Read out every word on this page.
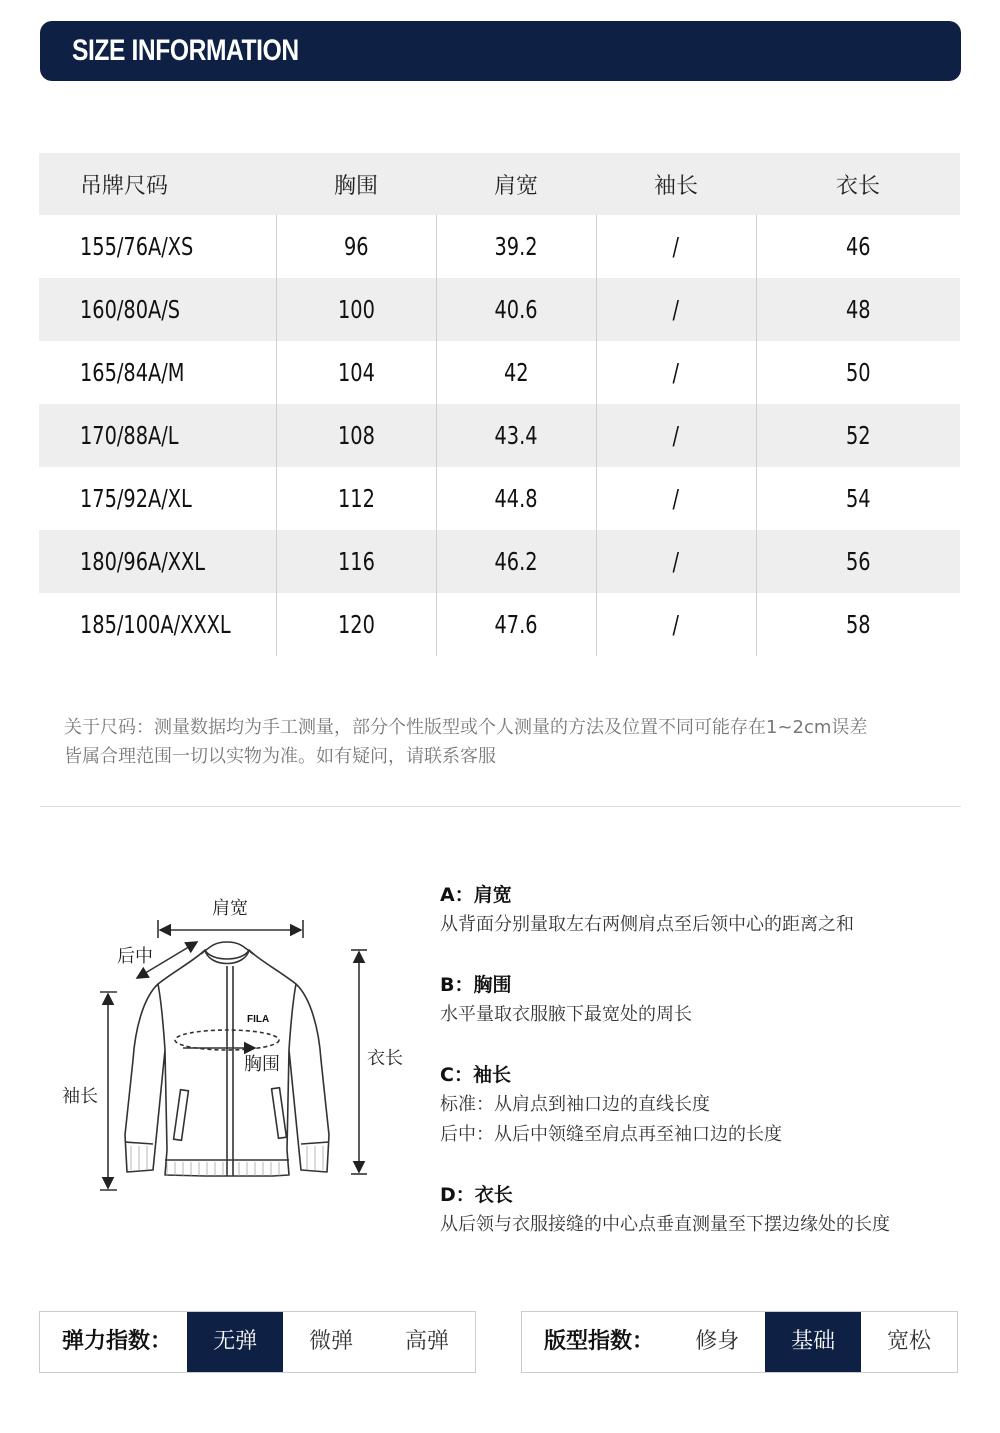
SIZE INFORMATION
吊牌尺码	胸围	肩宽	袖长	衣长
155/76A/XS	96	39.2	/	46
160/80A/S	100	40.6	/	48
165/84A/M	104	42	/	50
170/88A/L	108	43.4	/	52
175/92A/XL	112	44.8	/	54
180/96A/XXL	116	46.2	/	56
185/100A/XXXL	120	47.6	/	58
关于尺码：测量数据均为手工测量，部分个性版型或个人测量的方法及位置不同可能存在1~2cm误差
皆属合理范围一切以实物为准。如有疑问，请联系客服
FILA
肩宽
后中
胸围
袖长
衣长
A：肩宽
从背面分别量取左右两侧肩点至后领中心的距离之和
B：胸围
水平量取衣服腋下最宽处的周长
C：袖长
标准：从肩点到袖口边的直线长度
后中：从后中领缝至肩点再至袖口边的长度
D：衣长
从后领与衣服接缝的中心点垂直测量至下摆边缘处的长度
弹力指数：	无弹	微弹	高弹	版型指数：	修身	基础	宽松
